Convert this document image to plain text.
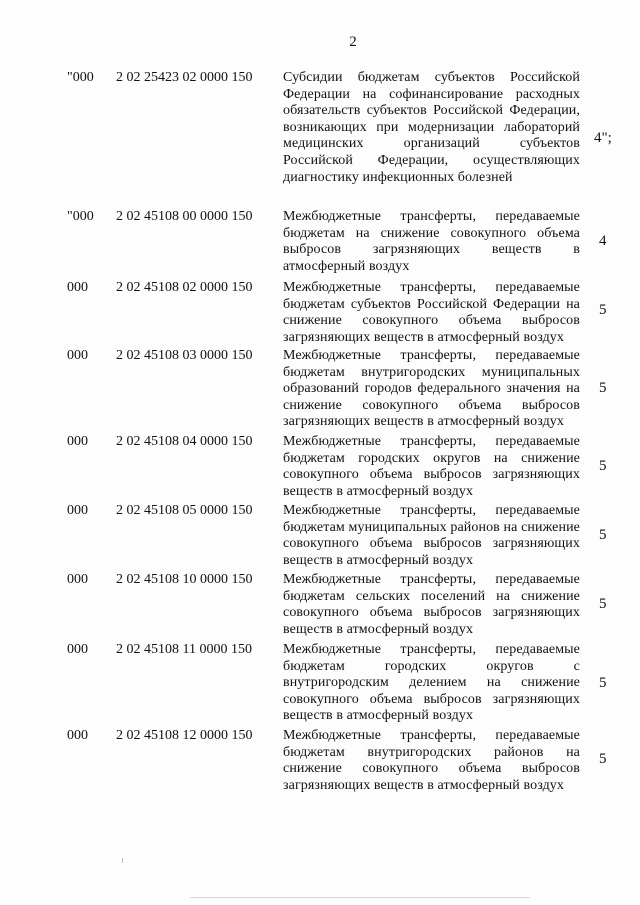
2
"000 2 02 25423 02 0000 150 Субсидии бюджетам субъектов Российской Федерации на софинансирование расходных обязательств субъектов Российской Федерации, возникающих при модернизации лабораторий медицинских организаций субъектов Российской Федерации, осуществляющих диагностику инфекционных болезней
4";
"000 2 02 45108 00 0000 150 Межбюджетные трансферты, передаваемые бюджетам на снижение совокупного объема выбросов загрязняющих веществ в атмосферный воздух
4
000 2 02 45108 02 0000 150 Межбюджетные трансферты, передаваемые бюджетам субъектов Российской Федерации на снижение совокупного объема выбросов загрязняющих веществ в атмосферный воздух
5
000 2 02 45108 03 0000 150 Межбюджетные трансферты, передаваемые бюджетам внутригородских муниципальных образований городов федерального значения на снижение совокупного объема выбросов загрязняющих веществ в атмосферный воздух
5
000 2 02 45108 04 0000 150 Межбюджетные трансферты, передаваемые бюджетам городских округов на снижение совокупного объема выбросов загрязняющих веществ в атмосферный воздух
5
000 2 02 45108 05 0000 150 Межбюджетные трансферты, передаваемые бюджетам муниципальных районов на снижение совокупного объема выбросов загрязняющих веществ в атмосферный воздух
5
000 2 02 45108 10 0000 150 Межбюджетные трансферты, передаваемые бюджетам сельских поселений на снижение совокупного объема выбросов загрязняющих веществ в атмосферный воздух
5
000 2 02 45108 11 0000 150 Межбюджетные трансферты, передаваемые бюджетам городских округов с внутригородским делением на снижение совокупного объема выбросов загрязняющих веществ в атмосферный воздух
5
000 2 02 45108 12 0000 150 Межбюджетные трансферты, передаваемые бюджетам внутригородских районов на снижение совокупного объема выбросов загрязняющих веществ в атмосферный воздух
5
